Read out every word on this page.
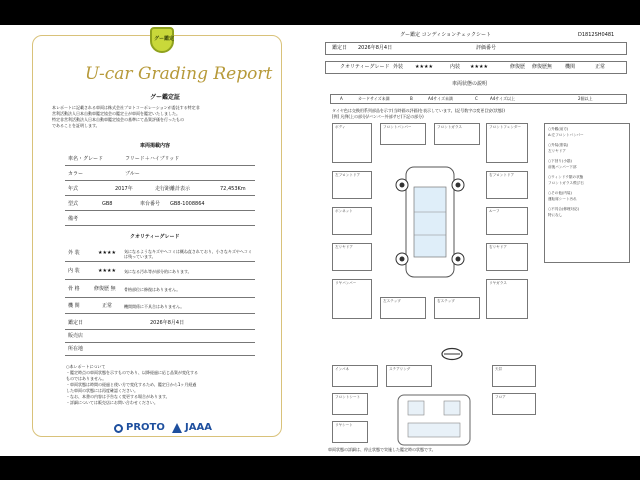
グー鑑定
U-car Grading Report
グー鑑定証
本レポートに記載される車両は株式会社プロトコーポレーションが委託する特定非
営利活動法人日本自動車鑑定協会の鑑定士が車両を鑑定いたしました。
特定非営利活動法人日本自動車鑑定協会の基準にて品質評価を行ったもの
であることを証明します。
車両掲載内容
車名・グレード	フリード＋ハイブリッド
カラー	ブルー
年式	2017年	走行距離計表示	72,453Km
型式	GB8	車台番号 GB8-1008864
備考
クオリティーグレード
外 装	★★★★ 気になるようなキズやヘコミは概ね直されており、小さなキズやヘコミは残っています。
内 装	★★★★ 気になる汚れ等が部分的にあります。
骨 格	修復歴 無 骨格部位に修復はありません。
機 関	正常	機関関係に不具合はありません。
鑑定日	2026年8月4日
販売店
所在地
○本レポートについて
・鑑定時点の車両状態を示すものであり、以降経過に応じ品質が変化する
ものではありません。
・車両状態は時間の経過と使い方で変化するため、鑑定日から1ヶ月経過
した車両の状態には再度確認ください。
・なお、本書の内容は予告なく変更する場合があります。
・詳細については販売店にお問い合わせください。
PROTO JAAA
グー鑑定 コンディションチェックシート	D1812SH0481
鑑定日 2026年8月4日	評価番号
クオリティーグレード 外装 ★★★★	内装 ★★★★	修復歴 修復歴無	機関	正常
車両状態の説明
A	カードサイズ未満	B	A4サイズ未満	C	A4サイズ以上	2個以上
タイヤ色は交換用系列部品を示す(当時価の評価)を表示しています。(記号数字は変更目安(状態))
[例] 凡例(上の部分)/バンパー外部サビ(下記の部分)
ボディ	フロントバンパー	フロントガラス	フロントフェンダー
左フロントドア	右フロントドア
ボンネット	ルーフ
左リヤドア	右リヤドア
リヤバンパー
左ステップ	右ステップ
リヤガラス
○外観(前方)
A:左フロントバンパー
○外装(塗装)
左リヤドア
○下回り(小損)
前後バンパー下部
○ウィンドウ類の状態
フロントガラス飛び石
○その他(内装)
運転席シート汚れ
○不具合(修理対応)
特になし
インパネ	ステアリング
フロントシート
リヤシート
天井
フロア
車両状態の詳細は、停止状態で実施した鑑定時の状態です。
